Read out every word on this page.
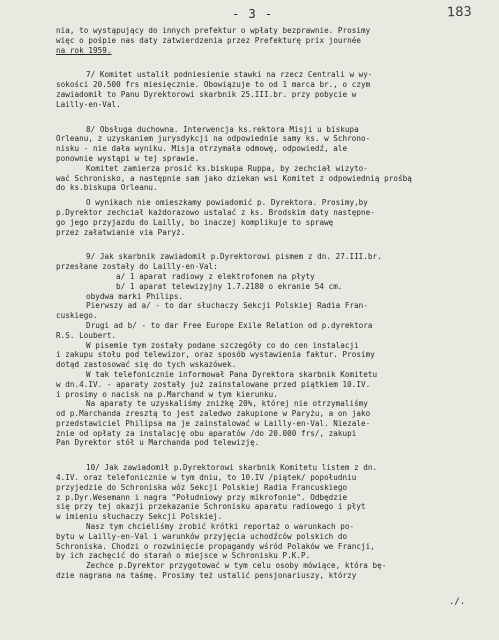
- 3 -	183
nia, to wystąpujący do innych prefektur o wpłaty bezprawnie. Prosimy
więc o pośpie nas daty zatwierdzenia przez Prefekturę prix journée
na rok 1959.
7/ Komitet ustalił podniesienie stawki na rzecz Centrali w wy-
sokości 20.500 frs miesięcznie. Obowiązuje to od 1 marca br., o czym
zawiadomił to Panu Dyrektorowi skarbnik 25.III.br. przy pobycie w
Lailly-en-Val.
8/ Obsługa duchowna. Interwencja ks.rektora Misji u biskupa
Orleanu, z uzyskaniem jurysdykcji na odpowiednie samy ks. w Schrono-
nisku - nie dała wyniku. Misja otrzymała odmowę, odpowiedź, ale
ponownie wystąpi w tej sprawie.
Komitet zamierza prosić ks.biskupa Ruppa, by zechciał wizyto-
wać Schronisko, a następnie sam jako dziekan wsi Komitet z odpowiednią prośbą
do ks.biskupa Orleanu.
O wynikach nie omieszkamy powiadomić p. Dyrektora. Prosimy,by
p.Dyrektor zechciał każdorazowo ustalać z ks. Brodskim daty następne-
go jego przyjazdu do Lailly, bo inaczej komplikuje to sprawę
przez załatwianie via Paryż.
9/ Jak skarbnik zawiadomił p.Dyrektorowi pismem z dn. 27.III.br.
przesłane zostały do Lailly-en-Val:
a/ 1 aparat radiowy z elektrofonem na płyty
b/ 1 aparat telewizyjny 1.7.2180 o ekranie 54 cm.
obydwa marki Philips.
Pierwszy ad a/ - to dar słuchaczy Sekcji Polskiej Radia Fran-
cuskiego.
Drugi ad b/ - to dar Free Europe Exile Relation od p.dyrektora
R.S. Loubert.
W pisemie tym zostały podane szczegóły co do cen instalacji
i zakupu stołu pod telewizor, oraz sposób wystawienia faktur. Prosimy
dotąd zastosować się do tych wskazówek.
W tak telefonicznie informował Pana Dyrektora skarbnik Komitetu
w dn.4.IV. - aparaty zostały już zainstalowane przed piątkiem 10.IV.
i prosimy o nacisk na p.Marchand w tym kierunku.
Na aparaty te uzyskaliśmy zniżkę 20%, której nie otrzymaliśmy
od p.Marchanda zresztą to jest zaledwo zakupione w Paryżu, a on jako
przedstawiciel Philipsa ma je zainstalować w Lailly-en-Val. Niezale-
żnie od opłaty za instalację obu aparatów /do 20.000 frs/, zakupi
Pan Dyrektor stół u Marchanda pod telewizję.
10/ Jak zawiadomił p.Dyrektorowi skarbnik Komitetu listem z dn.
4.IV. oraz telefonicznie w tym dniu, to 10.IV /piątek/ popołudniu
przyjedzie do Schroniska wóz Sekcji Polskiej Radia Francuskiego
z p.Dyr.Wesemann i nagra "Południowy przy mikrofonie". Odbędzie
się przy tej okazji przekazanie Schronisku aparatu radiowego i płyt
w imieniu słuchaczy Sekcji Polskiej.
Nasz tym chcieliśmy zrobić krótki reportaż o warunkach po-
bytu w Lailly-en-Val i warunków przyjęcia uchodźców polskich do
Schroniska. Chodzi o rozwinięcie propagandy wśród Polaków we Francji,
by ich zachęcić do starań o miejsce w Schronisku P.K.P.
Zechce p.Dyrektor przygotować w tym celu osoby mówiące, która bę-
dzie nagrana na taśmę. Prosimy też ustalić pensjonariuszy, którzy
./.
